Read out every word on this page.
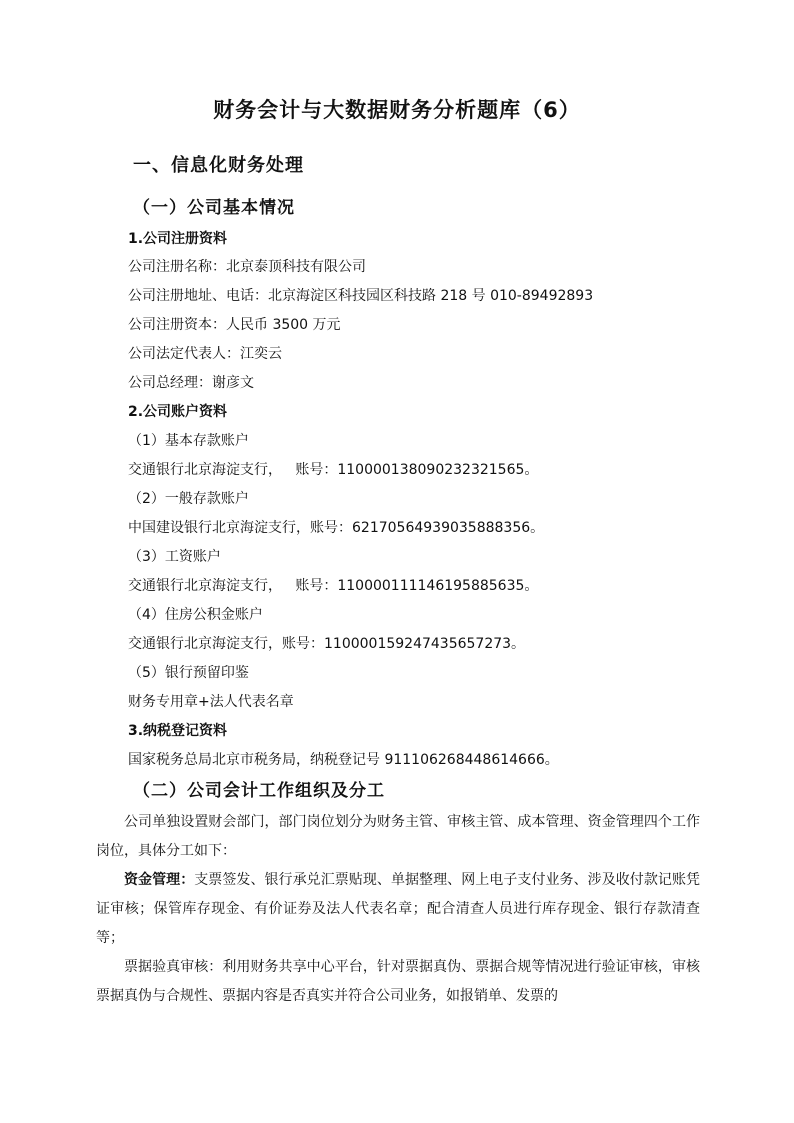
财务会计与大数据财务分析题库（6）
一、信息化财务处理
（一）公司基本情况
1.公司注册资料
公司注册名称：北京泰顶科技有限公司
公司注册地址、电话：北京海淀区科技园区科技路 218 号 010-89492893
公司注册资本：人民币 3500 万元
公司法定代表人：江奕云
公司总经理：谢彦文
2.公司账户资料
（1）基本存款账户
交通银行北京海淀支行，   账号：110000138090232321565。
（2）一般存款账户
中国建设银行北京海淀支行，账号：62170564939035888356。
（3）工资账户
交通银行北京海淀支行，   账号：110000111146195885635。
（4）住房公积金账户
交通银行北京海淀支行，账号：110000159247435657273。
（5）银行预留印鉴
财务专用章+法人代表名章
3.纳税登记资料
国家税务总局北京市税务局，纳税登记号 911106268448614666。
（二）公司会计工作组织及分工
公司单独设置财会部门，部门岗位划分为财务主管、审核主管、成本管理、资金管理四个工作岗位，具体分工如下：
资金管理：支票签发、银行承兑汇票贴现、单据整理、网上电子支付业务、涉及收付款记账凭证审核；保管库存现金、有价证券及法人代表名章；配合清查人员进行库存现金、银行存款清查等；
票据验真审核：利用财务共享中心平台，针对票据真伪、票据合规等情况进行验证审核，审核票据真伪与合规性、票据内容是否真实并符合公司业务，如报销单、发票的
